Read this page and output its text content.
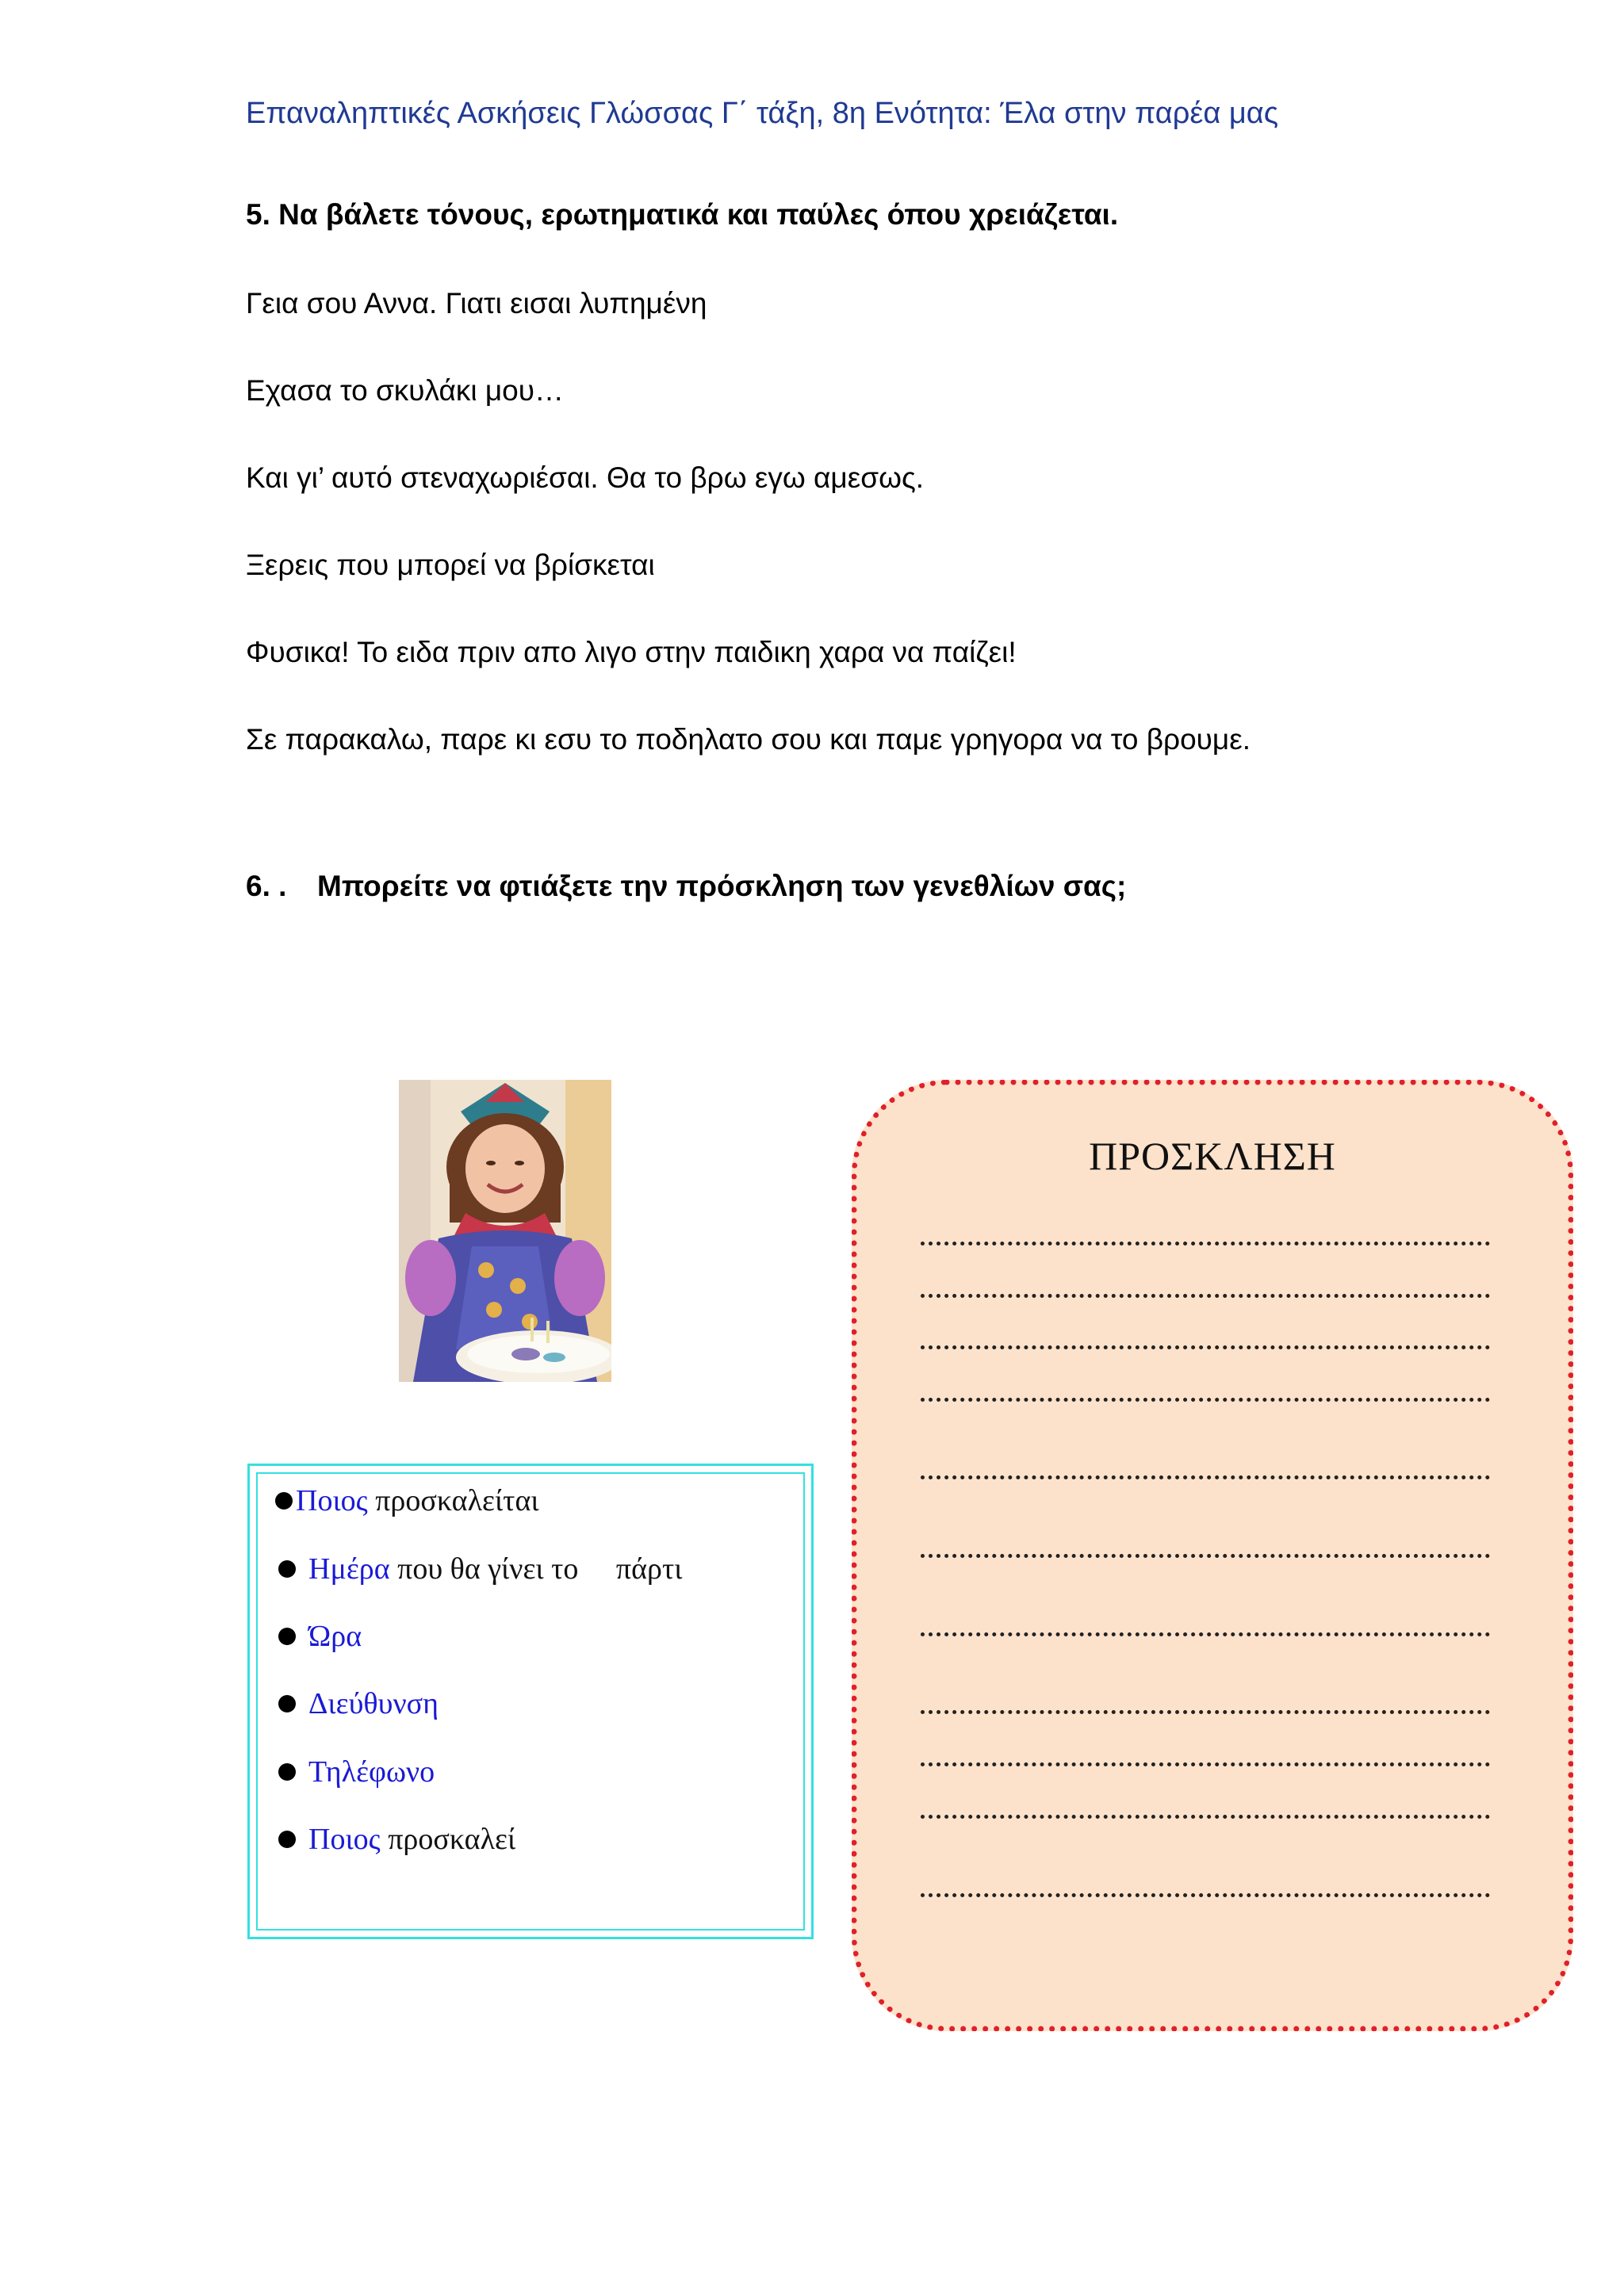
Επαναληπτικές Ασκήσεις Γλώσσας Γ΄ τάξη, 8η Ενότητα: Έλα στην παρέα μας
5. Να βάλετε τόνους, ερωτηματικά και παύλες όπου χρειάζεται.
Γεια σου Αννα. Γιατι εισαι λυπημένη
Εχασα το σκυλάκι μου…
Και γι’ αυτό στεναχωριέσαι. Θα το βρω εγω αμεσως.
Ξερεις που μπορεί να βρίσκεται
Φυσικα! Το ειδα πριν απο λιγο στην παιδικη χαρα να παίζει!
Σε παρακαλω, παρε κι εσυ το ποδηλατο σου και παμε γρηγορα να το βρουμε.
6. . Μπορείτε να φτιάξετε την πρόσκληση των γενεθλίων σας;
Ποιος προσκαλείται
Ημέρα που θα γίνει το     πάρτι
Ώρα
Διεύθυνση
Τηλέφωνο
Ποιος προσκαλεί
ΠΡΟΣΚΛΗΣΗ
